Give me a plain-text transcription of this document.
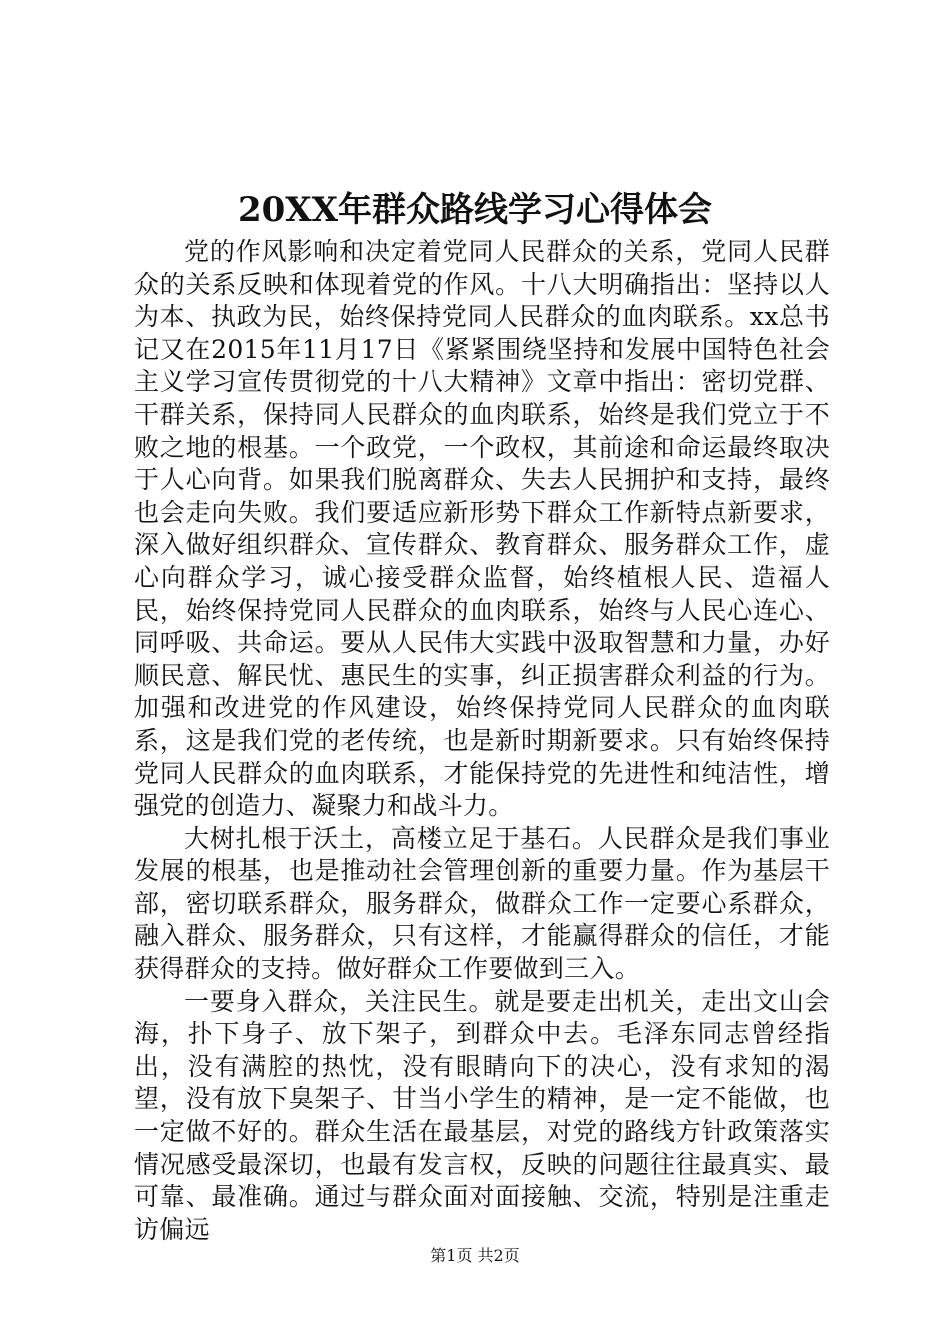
20XX年群众路线学习心得体会

党的作风影响和决定着党同人民群众的关系，党同人民群众的关系反映和体现着党的作风。十八大明确指出：坚持以人为本、执政为民，始终保持党同人民群众的血肉联系。xx总书记又在2015年11月17日《紧紧围绕坚持和发展中国特色社会主义学习宣传贯彻党的十八大精神》文章中指出：密切党群、干群关系，保持同人民群众的血肉联系，始终是我们党立于不败之地的根基。一个政党，一个政权，其前途和命运最终取决于人心向背。如果我们脱离群众、失去人民拥护和支持，最终也会走向失败。我们要适应新形势下群众工作新特点新要求，深入做好组织群众、宣传群众、教育群众、服务群众工作，虚心向群众学习，诚心接受群众监督，始终植根人民、造福人民，始终保持党同人民群众的血肉联系，始终与人民心连心、同呼吸、共命运。要从人民伟大实践中汲取智慧和力量，办好顺民意、解民忧、惠民生的实事，纠正损害群众利益的行为。加强和改进党的作风建设，始终保持党同人民群众的血肉联系，这是我们党的老传统，也是新时期新要求。只有始终保持党同人民群众的血肉联系，才能保持党的先进性和纯洁性，增强党的创造力、凝聚力和战斗力。

大树扎根于沃土，高楼立足于基石。人民群众是我们事业发展的根基，也是推动社会管理创新的重要力量。作为基层干部，密切联系群众，服务群众，做群众工作一定要心系群众，融入群众、服务群众，只有这样，才能赢得群众的信任，才能获得群众的支持。做好群众工作要做到三入。

一要身入群众，关注民生。就是要走出机关，走出文山会海，扑下身子、放下架子，到群众中去。毛泽东同志曾经指出，没有满腔的热忱，没有眼睛向下的决心，没有求知的渴望，没有放下臭架子、甘当小学生的精神，是一定不能做，也一定做不好的。群众生活在最基层，对党的路线方针政策落实情况感受最深切，也最有发言权，反映的问题往往最真实、最可靠、最准确。通过与群众面对面接触、交流，特别是注重走访偏远

第1页 共2页
